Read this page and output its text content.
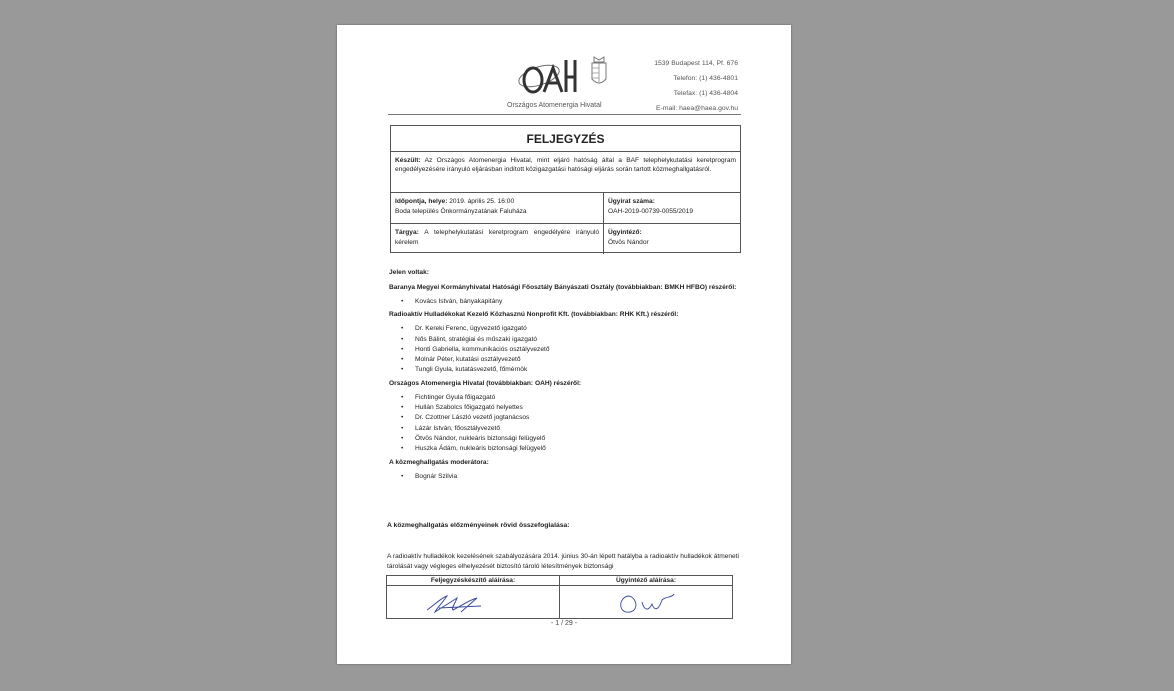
Országos Atomenergia Hivatal
1539 Budapest 114, Pf. 676
Telefon: (1) 436-4801
Telefax: (1) 436-4804
E-mail: haea@haea.gov.hu
FELJEGYZÉS
Készült: Az Országos Atomenergia Hivatal, mint eljáró hatóság által a BAF telephelykutatási keretprogram engedélyezésére irányuló eljárásban indított közigazgatási hatósági eljárás során tartott közmeghallgatásról.
Időpontja, helye: 2019. április 25. 16:00
Boda település Önkormányzatának Faluháza
Ügyirat száma:
OAH-2019-00739-0055/2019
Tárgya: A telephelykutatási keretprogram engedélyére irányuló kérelem
Ügyintéző:
Ötvös Nándor

Jelen voltak:

Baranya Megyei Kormányhivatal Hatósági Főosztály Bányászati Osztály (továbbiakban: BMKH HFBO) részéről:

• Kovács István, bányakapitány

Radioaktív Hulladékokat Kezelő Közhasznú Nonprofit Kft. (továbbiakban: RHK Kft.) részéről:

• Dr. Kereki Ferenc, ügyvezető igazgató
• Nős Bálint, stratégiai és műszaki igazgató
• Honti Gabriella, kommunikációs osztályvezető
• Molnár Péter, kutatási osztályvezető
• Tungli Gyula, kutatásvezető, főmérnök

Országos Atomenergia Hivatal (továbbiakban: OAH) részéről:

• Fichtinger Gyula főigazgató
• Hullán Szabolcs főigazgató helyettes
• Dr. Czottner László vezető jogtanácsos
• Lázár István, főosztályvezető
• Ötvös Nándor, nukleáris biztonsági felügyelő
• Huszka Ádám, nukleáris biztonsági felügyelő

A közmeghallgatás moderátora:

• Bognár Szilvia
A közmeghallgatás előzményeinek rövid összefoglalása:
A radioaktív hulladékok kezelésének szabályozására 2014. június 30-án lépett hatályba a radioaktív hulladékok átmeneti tárolását vagy végleges elhelyezését biztosító tároló létesítmények biztonsági
Feljegyzéskészítő aláírása:	Ügyintéző aláírása:
- 1 / 29 -
